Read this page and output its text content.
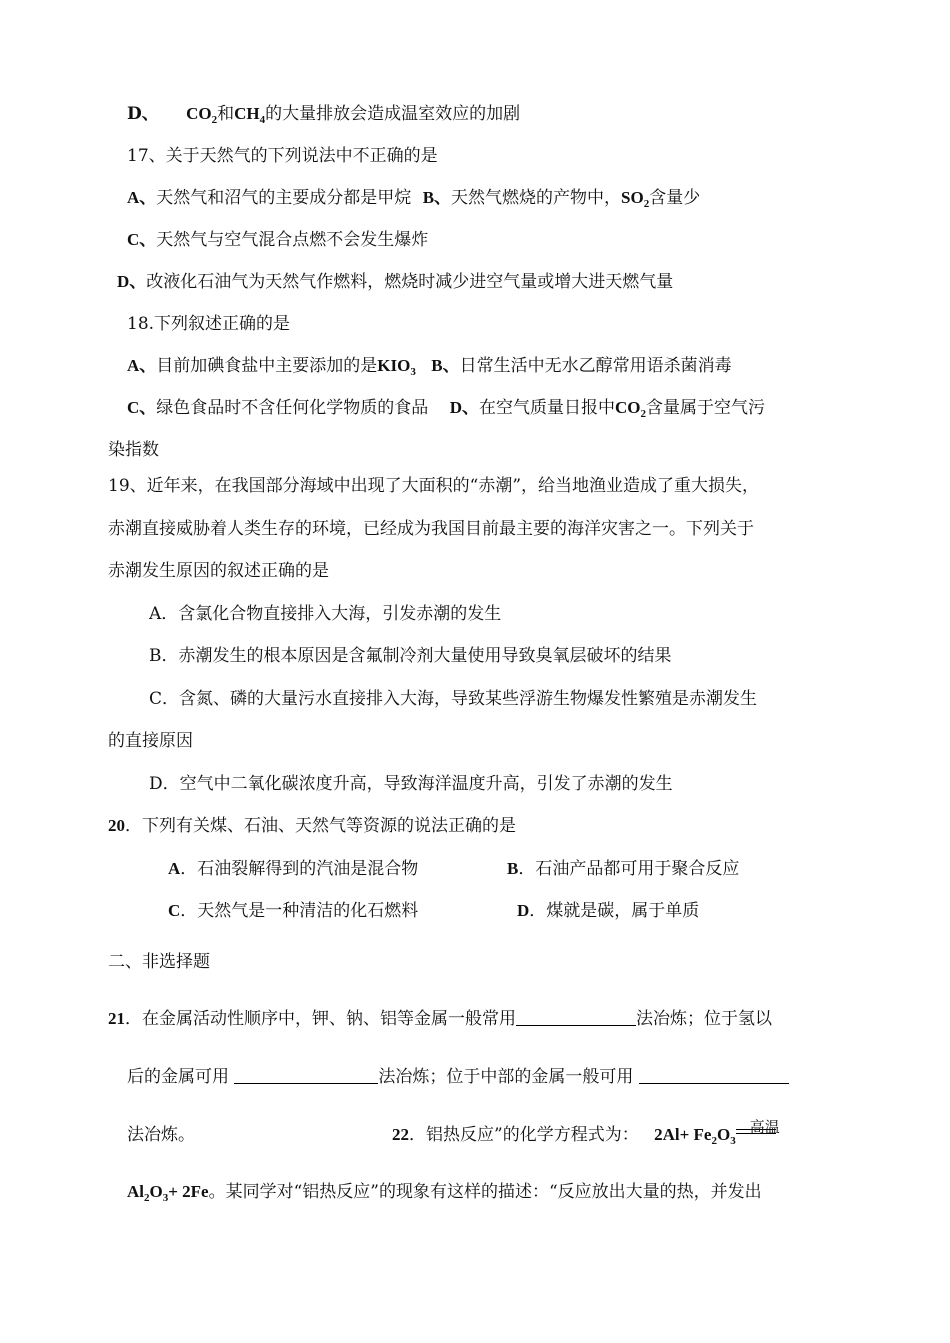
D、 $CO_2$和$CH_4$的大量排放会造成温室效应的加剧
17、关于天然气的下列说法中不正确的是
A、天然气和沼气的主要成分都是甲烷 B、天然气燃烧的产物中，$SO_2$含量少
C、天然气与空气混合点燃不会发生爆炸
D、改液化石油气为天然气作燃料，燃烧时减少进空气量或增大进天燃气量
18.下列叙述正确的是
A、目前加碘食盐中主要添加的是$KIO_3$ B、日常生活中无水乙醇常用语杀菌消毒
C、绿色食品时不含任何化学物质的食品 D、在空气质量日报中$CO_2$含量属于空气污
染指数
19、近年来，在我国部分海域中出现了大面积的“赤潮”，给当地渔业造成了重大损失，
赤潮直接威胁着人类生存的环境，已经成为我国目前最主要的海洋灾害之一。下列关于
赤潮发生原因的叙述正确的是
A．含氯化合物直接排入大海，引发赤潮的发生
B．赤潮发生的根本原因是含氟制冷剂大量使用导致臭氧层破坏的结果
C．含氮、磷的大量污水直接排入大海，导致某些浮游生物爆发性繁殖是赤潮发生
的直接原因
D．空气中二氧化碳浓度升高，导致海洋温度升高，引发了赤潮的发生
20．下列有关煤、石油、天然气等资源的说法正确的是
A．石油裂解得到的汽油是混合物	B．石油产品都可用于聚合反应
C．天然气是一种清洁的化石燃料	D．煤就是碳，属于单质
二、非选择题
21．在金属活动性顺序中，钾、钠、铝等金属一般常用	法冶炼；位于氢以
后的金属可用	法冶炼；位于中部的金属一般可用
法冶炼。	22．铝热反应”的化学方程式为： $2Al+ Fe_2O_3$
高温
$Al_2O_3+ 2Fe$。某同学对“铝热反应”的现象有这样的描述：“反应放出大量的热，并发出
